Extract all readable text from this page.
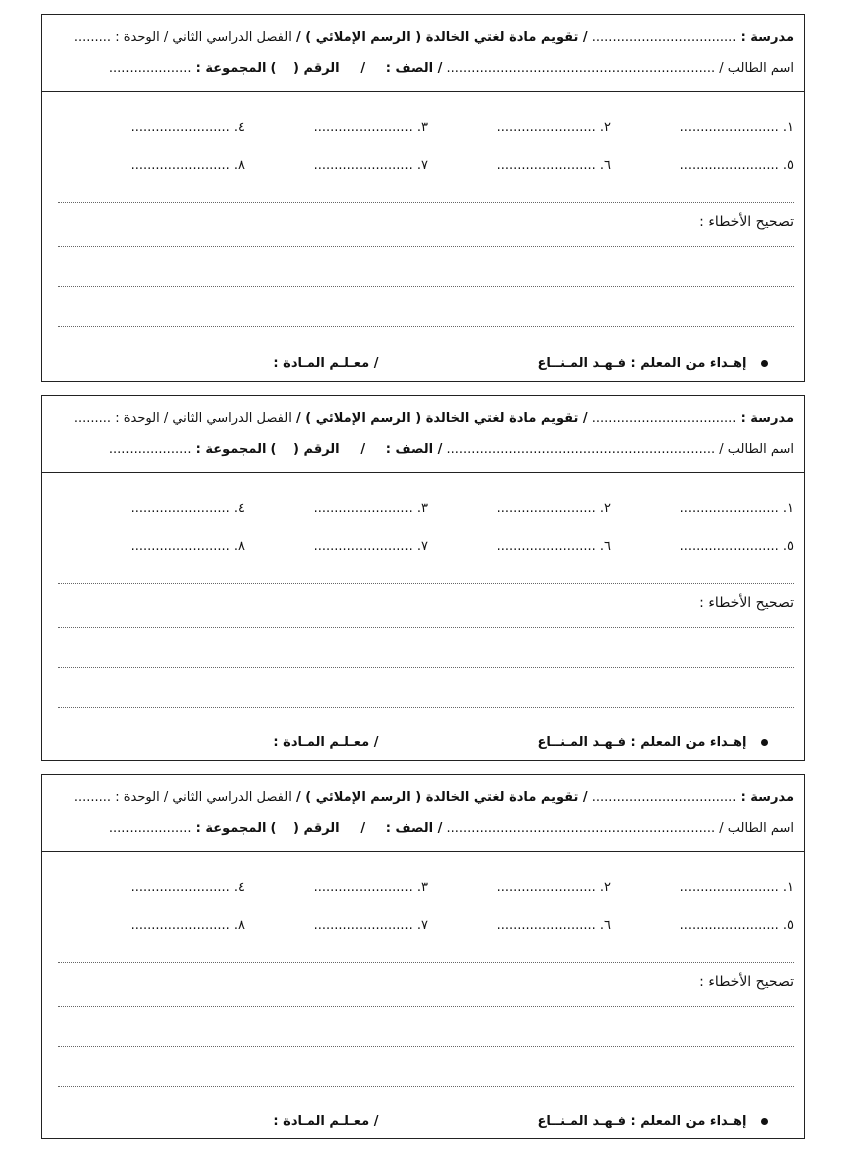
مدرسة : ................................... / تقويم مادة لغتي الخالدة ( الرسم الإملائي ) / الفصل الدراسي الثاني / الوحدة : .........
اسم الطالب / ................................................................. / الصف :     /     الرقم (    ) المجموعة : ....................
١. ........................٢. ........................٣. ........................٤. ........................
٥. ........................٦. ........................٧. ........................٨. ........................
تصحيح الأخطاء :
إهـداء من المعلم : فـهـد المـنــاع  / معـلـم المـادة :
مدرسة : ................................... / تقويم مادة لغتي الخالدة ( الرسم الإملائي ) / الفصل الدراسي الثاني / الوحدة : .........
اسم الطالب / ................................................................. / الصف :     /     الرقم (    ) المجموعة : ....................
١. ........................٢. ........................٣. ........................٤. ........................
٥. ........................٦. ........................٧. ........................٨. ........................
تصحيح الأخطاء :
إهـداء من المعلم : فـهـد المـنــاع  / معـلـم المـادة :
مدرسة : ................................... / تقويم مادة لغتي الخالدة ( الرسم الإملائي ) / الفصل الدراسي الثاني / الوحدة : .........
اسم الطالب / ................................................................. / الصف :     /     الرقم (    ) المجموعة : ....................
١. ........................٢. ........................٣. ........................٤. ........................
٥. ........................٦. ........................٧. ........................٨. ........................
تصحيح الأخطاء :
إهـداء من المعلم : فـهـد المـنــاع  / معـلـم المـادة :
